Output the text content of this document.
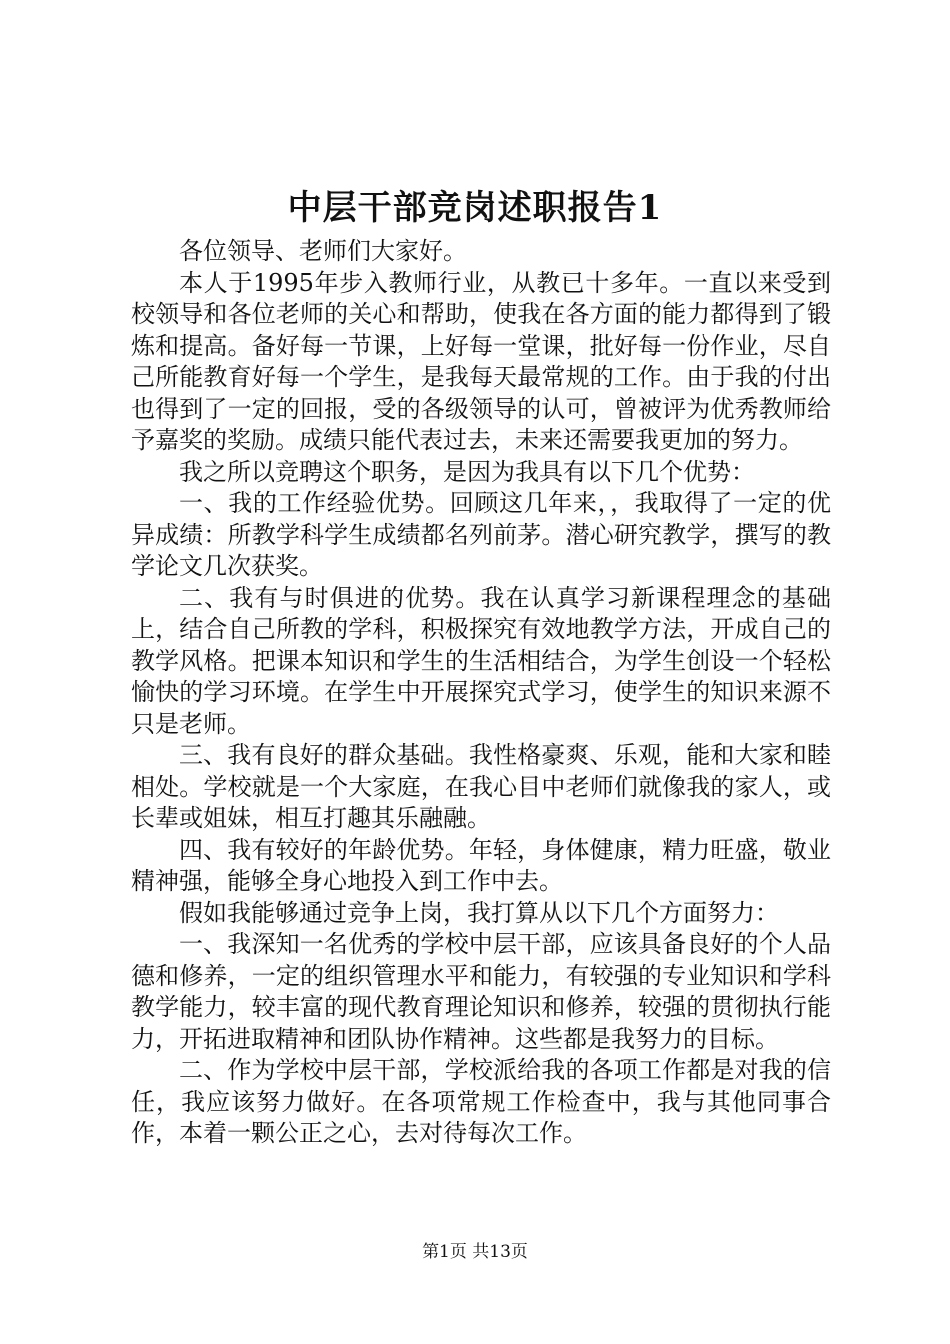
中层干部竞岗述职报告1

各位领导、老师们大家好。

本人于1995年步入教师行业，从教已十多年。一直以来受到校领导和各位老师的关心和帮助，使我在各方面的能力都得到了锻炼和提高。备好每一节课，上好每一堂课，批好每一份作业，尽自己所能教育好每一个学生，是我每天最常规的工作。由于我的付出也得到了一定的回报，受的各级领导的认可，曾被评为优秀教师给予嘉奖的奖励。成绩只能代表过去，未来还需要我更加的努力。

我之所以竞聘这个职务，是因为我具有以下几个优势：

一、我的工作经验优势。回顾这几年来，，我取得了一定的优异成绩：所教学科学生成绩都名列前茅。潜心研究教学，撰写的教学论文几次获奖。

二、我有与时俱进的优势。我在认真学习新课程理念的基础上，结合自己所教的学科，积极探究有效地教学方法，开成自己的教学风格。把课本知识和学生的生活相结合，为学生创设一个轻松愉快的学习环境。在学生中开展探究式学习，使学生的知识来源不只是老师。

三、我有良好的群众基础。我性格豪爽、乐观，能和大家和睦相处。学校就是一个大家庭，在我心目中老师们就像我的家人，或长辈或姐妹，相互打趣其乐融融。

四、我有较好的年龄优势。年轻，身体健康，精力旺盛，敬业精神强，能够全身心地投入到工作中去。

假如我能够通过竞争上岗，我打算从以下几个方面努力：

一、我深知一名优秀的学校中层干部，应该具备良好的个人品德和修养，一定的组织管理水平和能力，有较强的专业知识和学科教学能力，较丰富的现代教育理论知识和修养，较强的贯彻执行能力，开拓进取精神和团队协作精神。这些都是我努力的目标。

二、作为学校中层干部，学校派给我的各项工作都是对我的信任，我应该努力做好。在各项常规工作检查中，我与其他同事合作，本着一颗公正之心，去对待每次工作。

第1页 共13页
